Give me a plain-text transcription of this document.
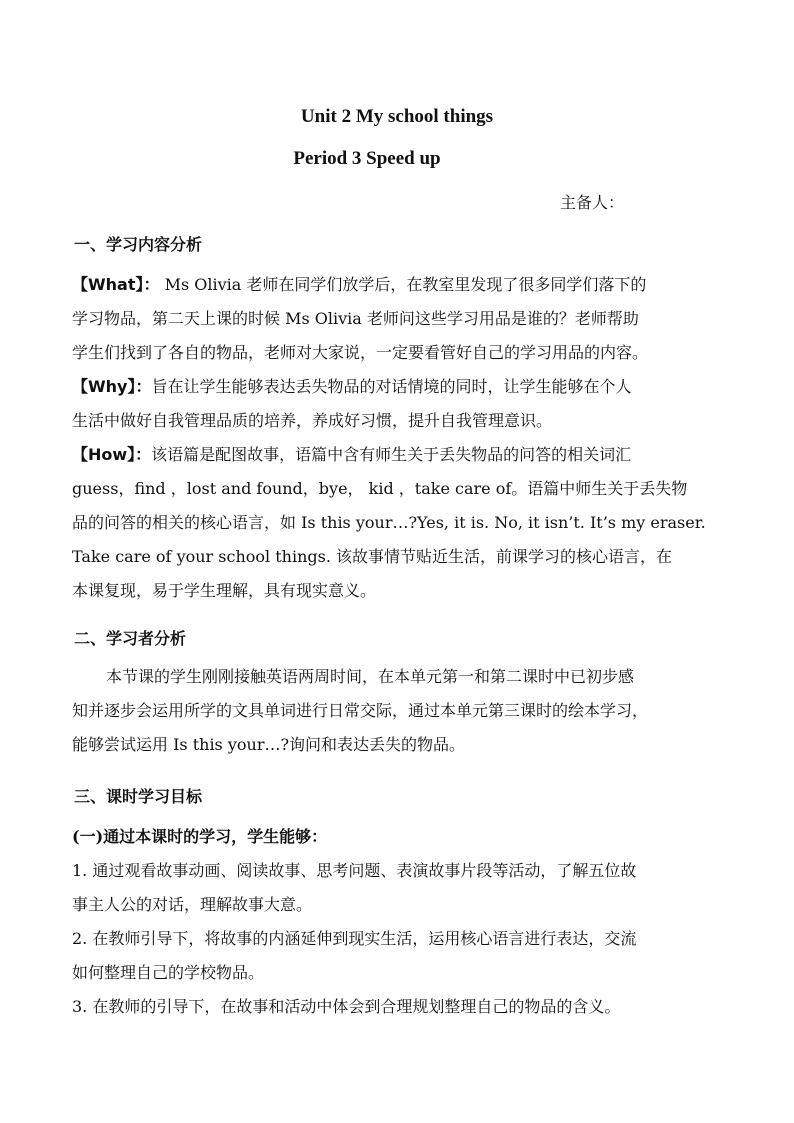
Unit 2 My school things
Period 3 Speed up
主备人：
一、学习内容分析
【What】： Ms Olivia 老师在同学们放学后，在教室里发现了很多同学们落下的
学习物品，第二天上课的时候 Ms Olivia 老师问这些学习用品是谁的？老师帮助
学生们找到了各自的物品，老师对大家说，一定要看管好自己的学习用品的内容。
【Why】：旨在让学生能够表达丢失物品的对话情境的同时，让学生能够在个人
生活中做好自我管理品质的培养，养成好习惯，提升自我管理意识。
【How】：该语篇是配图故事，语篇中含有师生关于丢失物品的问答的相关词汇
guess，find ，lost and found，bye， kid ，take care of。语篇中师生关于丢失物
品的问答的相关的核心语言，如 Is this your…?Yes, it is. No, it isn’t. It’s my eraser.
Take care of your school things. 该故事情节贴近生活，前课学习的核心语言，在
本课复现，易于学生理解，具有现实意义。
二、学习者分析
本节课的学生刚刚接触英语两周时间，在本单元第一和第二课时中已初步感
知并逐步会运用所学的文具单词进行日常交际，通过本单元第三课时的绘本学习，
能够尝试运用 Is this your…?询问和表达丢失的物品。
三、课时学习目标
(一)通过本课时的学习，学生能够：
1. 通过观看故事动画、阅读故事、思考问题、表演故事片段等活动，了解五位故
事主人公的对话，理解故事大意。
2. 在教师引导下，将故事的内涵延伸到现实生活，运用核心语言进行表达，交流
如何整理自己的学校物品。
3. 在教师的引导下，在故事和活动中体会到合理规划整理自己的物品的含义。
